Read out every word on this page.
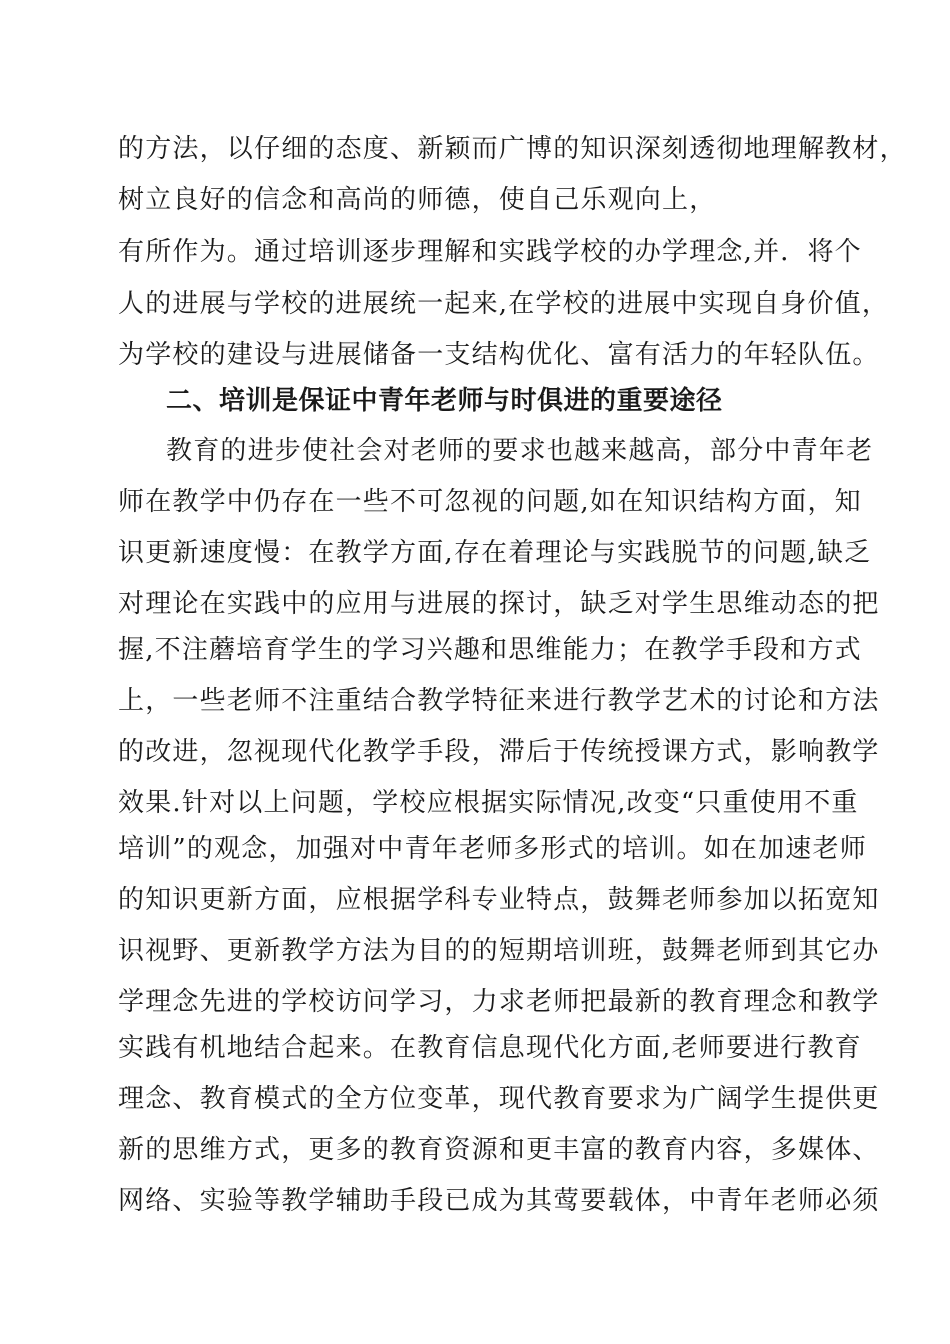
的方法，以仔细的态度、新颖而广博的知识深刻透彻地理解教材，
树立良好的信念和高尚的师德，使自己乐观向上，
有所作为。通过培训逐步理解和实践学校的办学理念,并．将个
人的进展与学校的进展统一起来,在学校的进展中实现自身价值，
为学校的建设与进展储备一支结构优化、富有活力的年轻队伍。
二、培训是保证中青年老师与时俱进的重要途径
教育的进步使社会对老师的要求也越来越高，部分中青年老
师在教学中仍存在一些不可忽视的问题,如在知识结构方面，知
识更新速度慢：在教学方面,存在着理论与实践脱节的问题,缺乏
对理论在实践中的应用与进展的探讨，缺乏对学生思维动态的把
握,不注蘑培育学生的学习兴趣和思维能力；在教学手段和方式
上，一些老师不注重结合教学特征来进行教学艺术的讨论和方法
的改进，忽视现代化教学手段，滞后于传统授课方式，影响教学
效果.针对以上问题，学校应根据实际情况,改变“只重使用不重
培训”的观念，加强对中青年老师多形式的培训。如在加速老师
的知识更新方面，应根据学科专业特点，鼓舞老师参加以拓宽知
识视野、更新教学方法为目的的短期培训班，鼓舞老师到其它办
学理念先进的学校访问学习，力求老师把最新的教育理念和教学
实践有机地结合起来。在教育信息现代化方面,老师要进行教育
理念、教育模式的全方位变革，现代教育要求为广阔学生提供更
新的思维方式，更多的教育资源和更丰富的教育内容，多媒体、
网络、实验等教学辅助手段已成为其莺要载体，中青年老师必须
